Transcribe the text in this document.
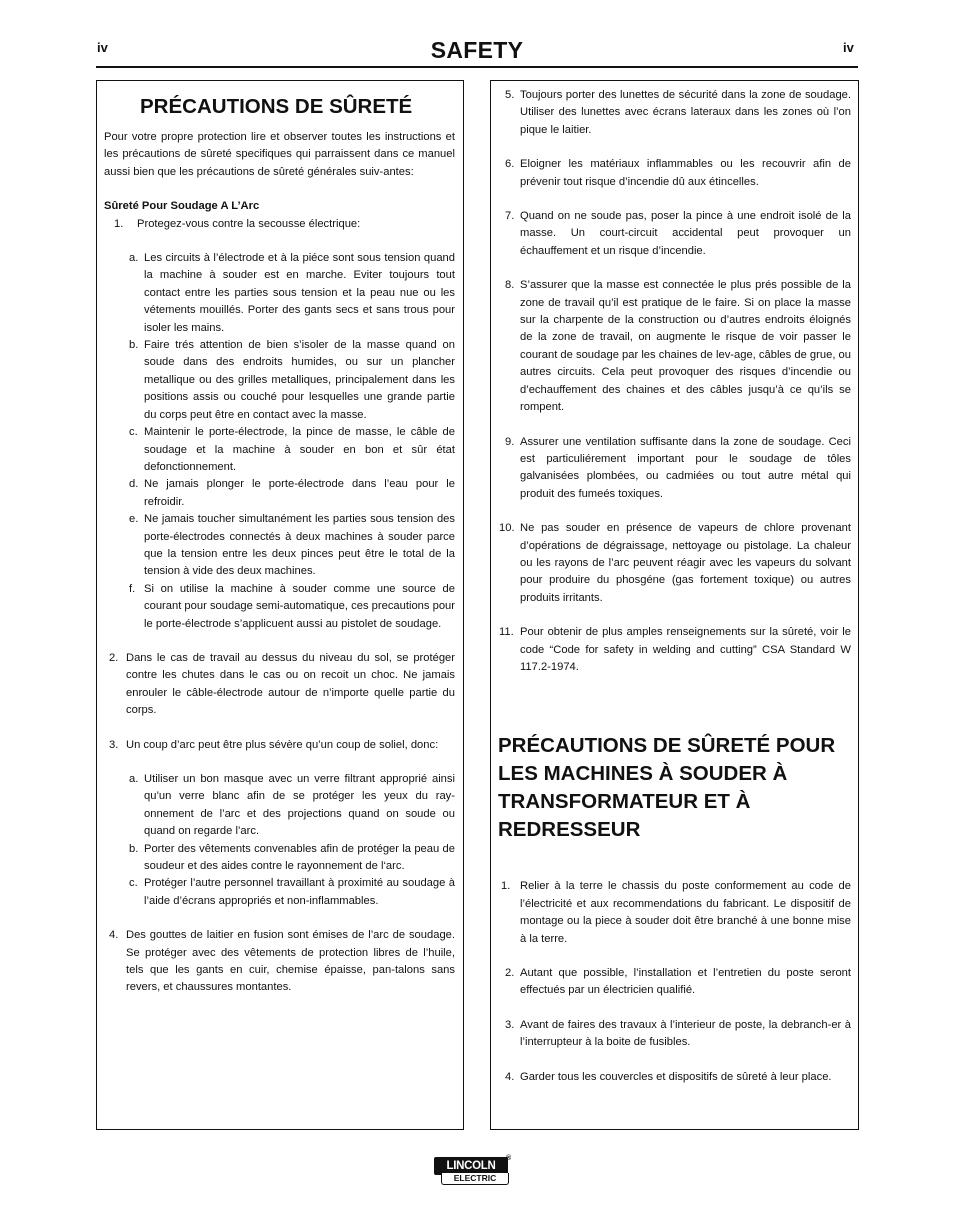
iv	SAFETY	iv
PRÉCAUTIONS DE SÛRETÉ

Pour votre propre protection lire et observer toutes les instructions et les précautions de sûreté specifiques qui parraissent dans ce manuel aussi bien que les précautions de sûreté générales suiv-antes:

Sûreté Pour Soudage A L’Arc

1.	Protegez-vous contre la secousse électrique:

a. Les circuits à l’électrode et à la piéce sont sous tension quand la machine à souder est en marche. Eviter toujours tout contact entre les parties sous tension et la peau nue ou les vétements mouillés. Porter des gants secs et sans trous pour isoler les mains.

b. Faire trés attention de bien s’isoler de la masse quand on soude dans des endroits humides, ou sur un plancher metallique ou des grilles metalliques, principalement dans les positions assis ou couché pour lesquelles une grande partie du corps peut être en contact avec la masse.

c. Maintenir le porte-électrode, la pince de masse, le câble de soudage et la machine à souder en bon et sûr état defonctionnement.

d. Ne jamais plonger le porte-électrode dans l’eau pour le refroidir.

e. Ne jamais toucher simultanément les parties sous tension des porte-électrodes connectés à deux machines à souder parce que la tension entre les deux pinces peut être le total de la tension à vide des deux machines.

f. Si on utilise la machine à souder comme une source de courant pour soudage semi-automatique, ces precautions pour le porte-électrode s’applicuent aussi au pistolet de soudage.

2. Dans le cas de travail au dessus du niveau du sol, se protéger contre les chutes dans le cas ou on recoit un choc. Ne jamais enrouler le câble-électrode autour de n’importe quelle partie du corps.

3. Un coup d’arc peut être plus sévère qu’un coup de soliel, donc:

a. Utiliser un bon masque avec un verre filtrant approprié ainsi qu’un verre blanc afin de se protéger les yeux du ray-onnement de l’arc et des projections quand on soude ou quand on regarde l’arc.

b. Porter des vêtements convenables afin de protéger la peau de soudeur et des aides contre le rayonnement de l‘arc.

c. Protéger l’autre personnel travaillant à proximité au soudage à l’aide d’écrans appropriés et non-inflammables.

4. Des gouttes de laitier en fusion sont émises de l’arc de soudage. Se protéger avec des vêtements de protection libres de l’huile, tels que les gants en cuir, chemise épaisse, pan-talons sans revers, et chaussures montantes.

5. Toujours porter des lunettes de sécurité dans la zone de soudage. Utiliser des lunettes avec écrans lateraux dans les zones où l’on pique le laitier.

6. Eloigner les matériaux inflammables ou les recouvrir afin de prévenir tout risque d’incendie dû aux étincelles.

7. Quand on ne soude pas, poser la pince à une endroit isolé de la masse. Un court-circuit accidental peut provoquer un échauffement et un risque d’incendie.

8. S’assurer que la masse est connectée le plus prés possible de la zone de travail qu’il est pratique de le faire. Si on place la masse sur la charpente de la construction ou d’autres endroits éloignés de la zone de travail, on augmente le risque de voir passer le courant de soudage par les chaines de lev-age, câbles de grue, ou autres circuits. Cela peut provoquer des risques d’incendie ou d’echauffement des chaines et des câbles jusqu’à ce qu’ils se rompent.

9. Assurer une ventilation suffisante dans la zone de soudage. Ceci est particuliérement important pour le soudage de tôles galvanisées plombées, ou cadmiées ou tout autre métal qui produit des fumeés toxiques.

10. Ne pas souder en présence de vapeurs de chlore provenant d’opérations de dégraissage, nettoyage ou pistolage. La chaleur ou les rayons de l’arc peuvent réagir avec les vapeurs du solvant pour produire du phosgéne (gas fortement toxique) ou autres produits irritants.

11. Pour obtenir de plus amples renseignements sur la sûreté, voir le code “Code for safety in welding and cutting” CSA Standard W 117.2-1974.

PRÉCAUTIONS DE SÛRETÉ POUR
LES MACHINES À SOUDER À
TRANSFORMATEUR ET À
REDRESSEUR

1. Relier à la terre le chassis du poste conformement au code de l’électricité et aux recommendations du fabricant. Le dispositif de montage ou la piece à souder doit être branché à une bonne mise à la terre.

2. Autant que possible, l’installation et l’entretien du poste seront effectués par un électricien qualifié.

3. Avant de faires des travaux à l’interieur de poste, la debranch-er à l’interrupteur à la boite de fusibles.

4. Garder tous les couvercles et dispositifs de sûreté à leur place.

LINCOLN
®
ELECTRIC
